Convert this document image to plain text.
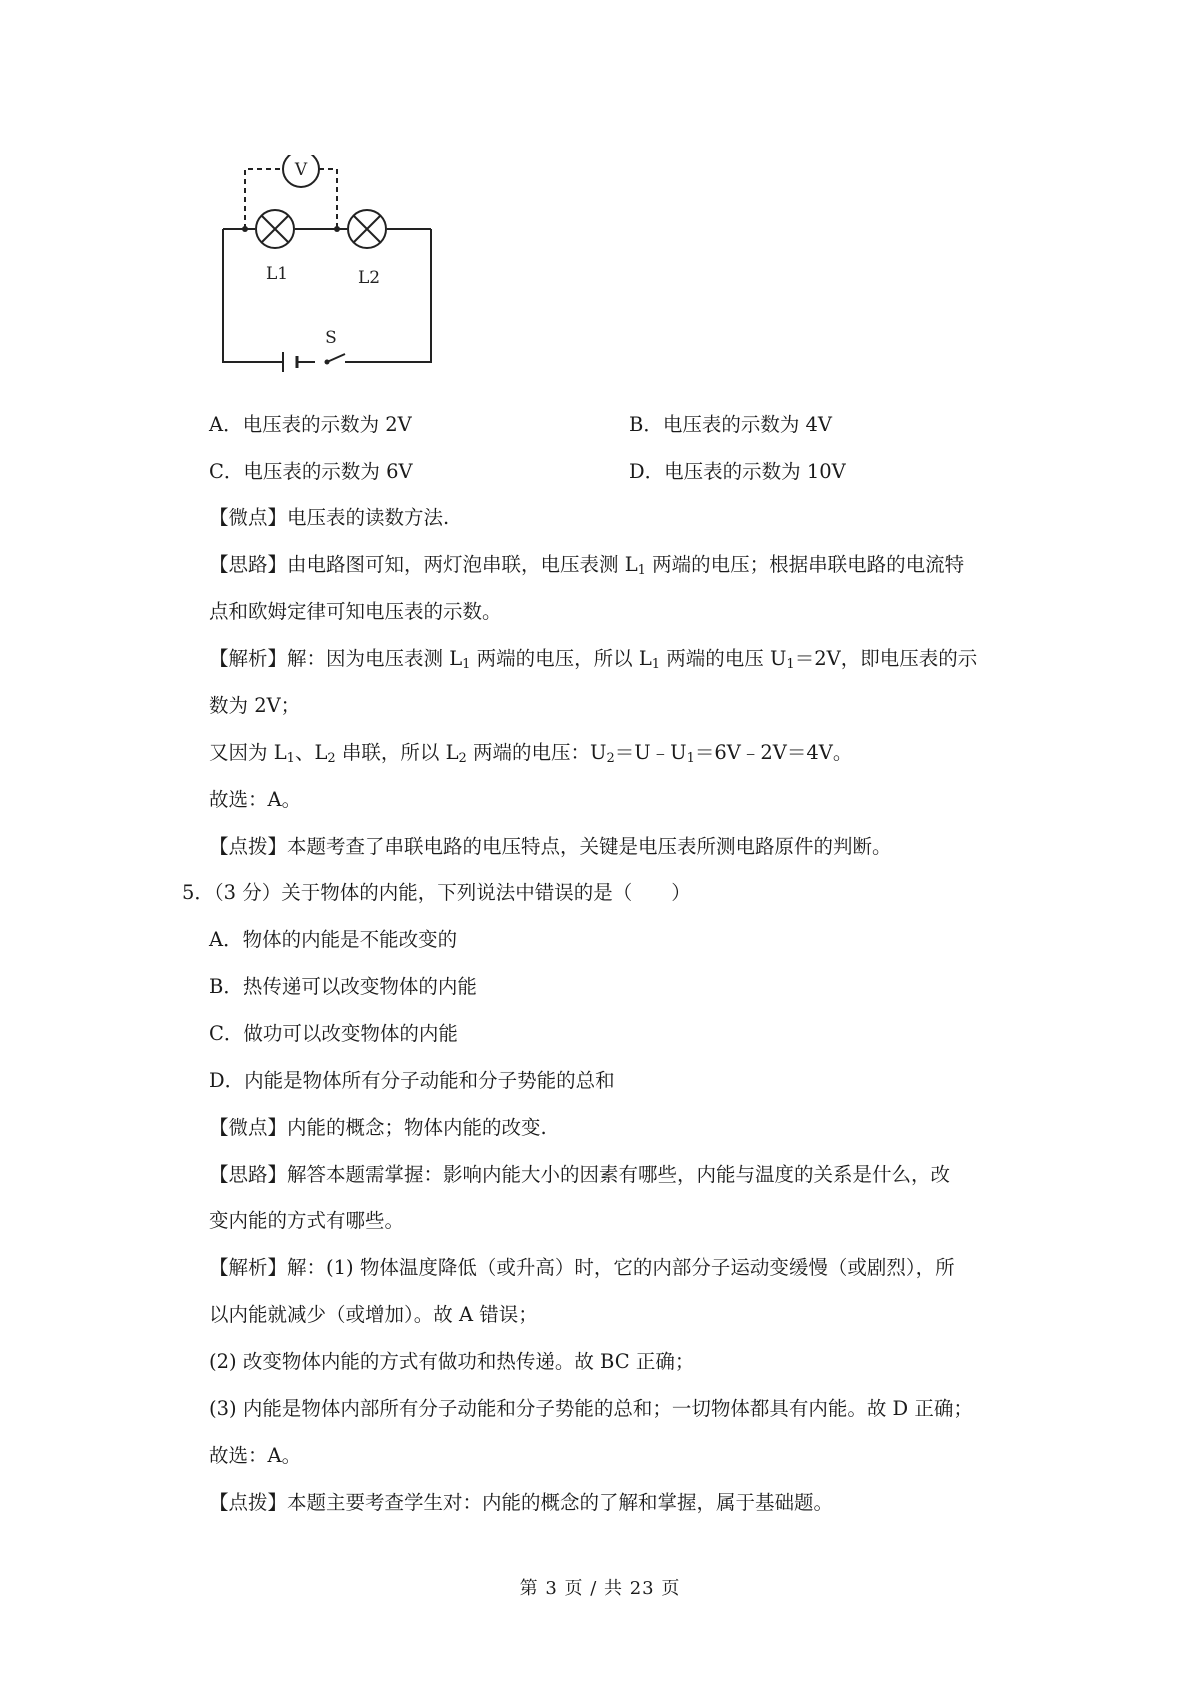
V
L1	L2
S
A．电压表的示数为 2V	B．电压表的示数为 4V
C．电压表的示数为 6V	D．电压表的示数为 10V
【微点】电压表的读数方法.
【思路】由电路图可知，两灯泡串联，电压表测 $L_1$ 两端的电压；根据串联电路的电流特
点和欧姆定律可知电压表的示数。
【解析】解：因为电压表测 $L_1$ 两端的电压，所以 $L_1$ 两端的电压 $U_1=2V$，即电压表的示
数为 2V；
又因为 $L_1$、$L_2$ 串联，所以 $L_2$ 两端的电压：$U_2=U﹣U_1=6V﹣2V=4V$。
故选：A。
【点拨】本题考查了串联电路的电压特点，关键是电压表所测电路原件的判断。
5．（3 分）关于物体的内能，下列说法中错误的是（　　）
A．物体的内能是不能改变的
B．热传递可以改变物体的内能
C．做功可以改变物体的内能
D．内能是物体所有分子动能和分子势能的总和
【微点】内能的概念；物体内能的改变.
【思路】解答本题需掌握：影响内能大小的因素有哪些，内能与温度的关系是什么，改
变内能的方式有哪些。
【解析】解：(1) 物体温度降低（或升高）时，它的内部分子运动变缓慢（或剧烈），所
以内能就减少（或增加）。故 A 错误；
(2) 改变物体内能的方式有做功和热传递。故 BC 正确；
(3) 内能是物体内部所有分子动能和分子势能的总和；一切物体都具有内能。故 D 正确；
故选：A。
【点拨】本题主要考查学生对：内能的概念的了解和掌握，属于基础题。
第 3 页 / 共 23 页
